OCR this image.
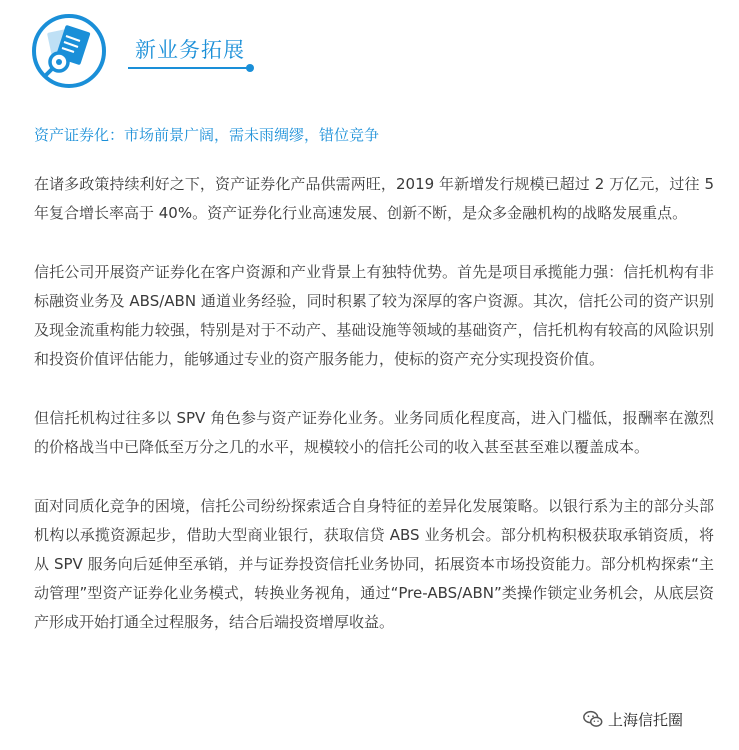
新业务拓展
资产证券化：市场前景广阔，需未雨绸缪，错位竞争

在诸多政策持续利好之下，资产证券化产品供需两旺，2019 年新增发行规模已超过 2 万亿元，过往 5 年复合增长率高于 40%。资产证券化行业高速发展、创新不断，是众多金融机构的战略发展重点。

信托公司开展资产证券化在客户资源和产业背景上有独特优势。首先是项目承揽能力强：信托机构有非标融资业务及 ABS/ABN 通道业务经验，同时积累了较为深厚的客户资源。其次，信托公司的资产识别及现金流重构能力较强，特别是对于不动产、基础设施等领域的基础资产，信托机构有较高的风险识别和投资价值评估能力，能够通过专业的资产服务能力，使标的资产充分实现投资价值。

但信托机构过往多以 SPV 角色参与资产证券化业务。业务同质化程度高，进入门槛低，报酬率在激烈的价格战当中已降低至万分之几的水平，规模较小的信托公司的收入甚至甚至难以覆盖成本。

面对同质化竞争的困境，信托公司纷纷探索适合自身特征的差异化发展策略。以银行系为主的部分头部机构以承揽资源起步，借助大型商业银行，获取信贷 ABS 业务机会。部分机构积极获取承销资质，将从 SPV 服务向后延伸至承销，并与证券投资信托业务协同，拓展资本市场投资能力。部分机构探索“主动管理”型资产证券化业务模式，转换业务视角，通过“Pre-ABS/ABN”类操作锁定业务机会，从底层资产形成开始打通全过程服务，结合后端投资增厚收益。

上海信托圈
